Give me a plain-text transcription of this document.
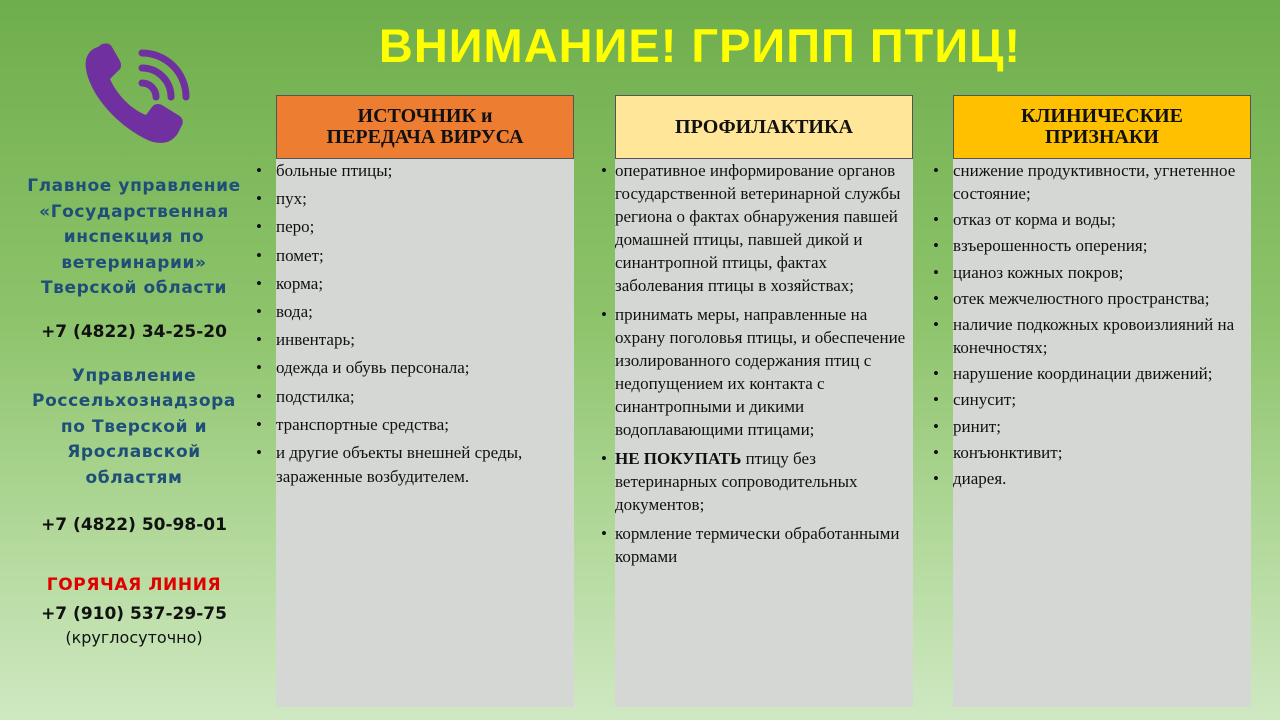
ВНИМАНИЕ! ГРИПП ПТИЦ!
Главное управление
«Государственная
инспекция по
ветеринарии»
Тверской области
+7 (4822) 34-25-20
Управление
Россельхознадзора
по Тверской и
Ярославской
областям
+7 (4822) 50-98-01
ГОРЯЧАЯ ЛИНИЯ
+7 (910) 537-29-75
(круглосуточно)
ИСТОЧНИК и
ПЕРЕДАЧА ВИРУСА
• больные птицы;
• пух;
• перо;
• помет;
• корма;
• вода;
• инвентарь;
• одежда и обувь персонала;
• подстилка;
• транспортные средства;
• и другие объекты внешней среды, зараженные возбудителем.
ПРОФИЛАКТИКА
• оперативное информирование органов государственной ветеринарной службы региона о фактах обнаружения павшей домашней птицы, павшей дикой и синантропной птицы, фактах заболевания птицы в хозяйствах;
• принимать меры, направленные на охрану поголовья птицы, и обеспечение изолированного содержания птиц с недопущением их контакта с синантропными и дикими водоплавающими птицами;
• НЕ ПОКУПАТЬ птицу без ветеринарных сопроводительных документов;
• кормление термически обработанными кормами
КЛИНИЧЕСКИЕ
ПРИЗНАКИ
• снижение продуктивности, угнетенное состояние;
• отказ от корма и воды;
• взъерошенность оперения;
• цианоз кожных покров;
• отек межчелюстного пространства;
• наличие подкожных кровоизлияний на конечностях;
• нарушение координации движений;
• синусит;
• ринит;
• конъюнктивит;
• диарея.
